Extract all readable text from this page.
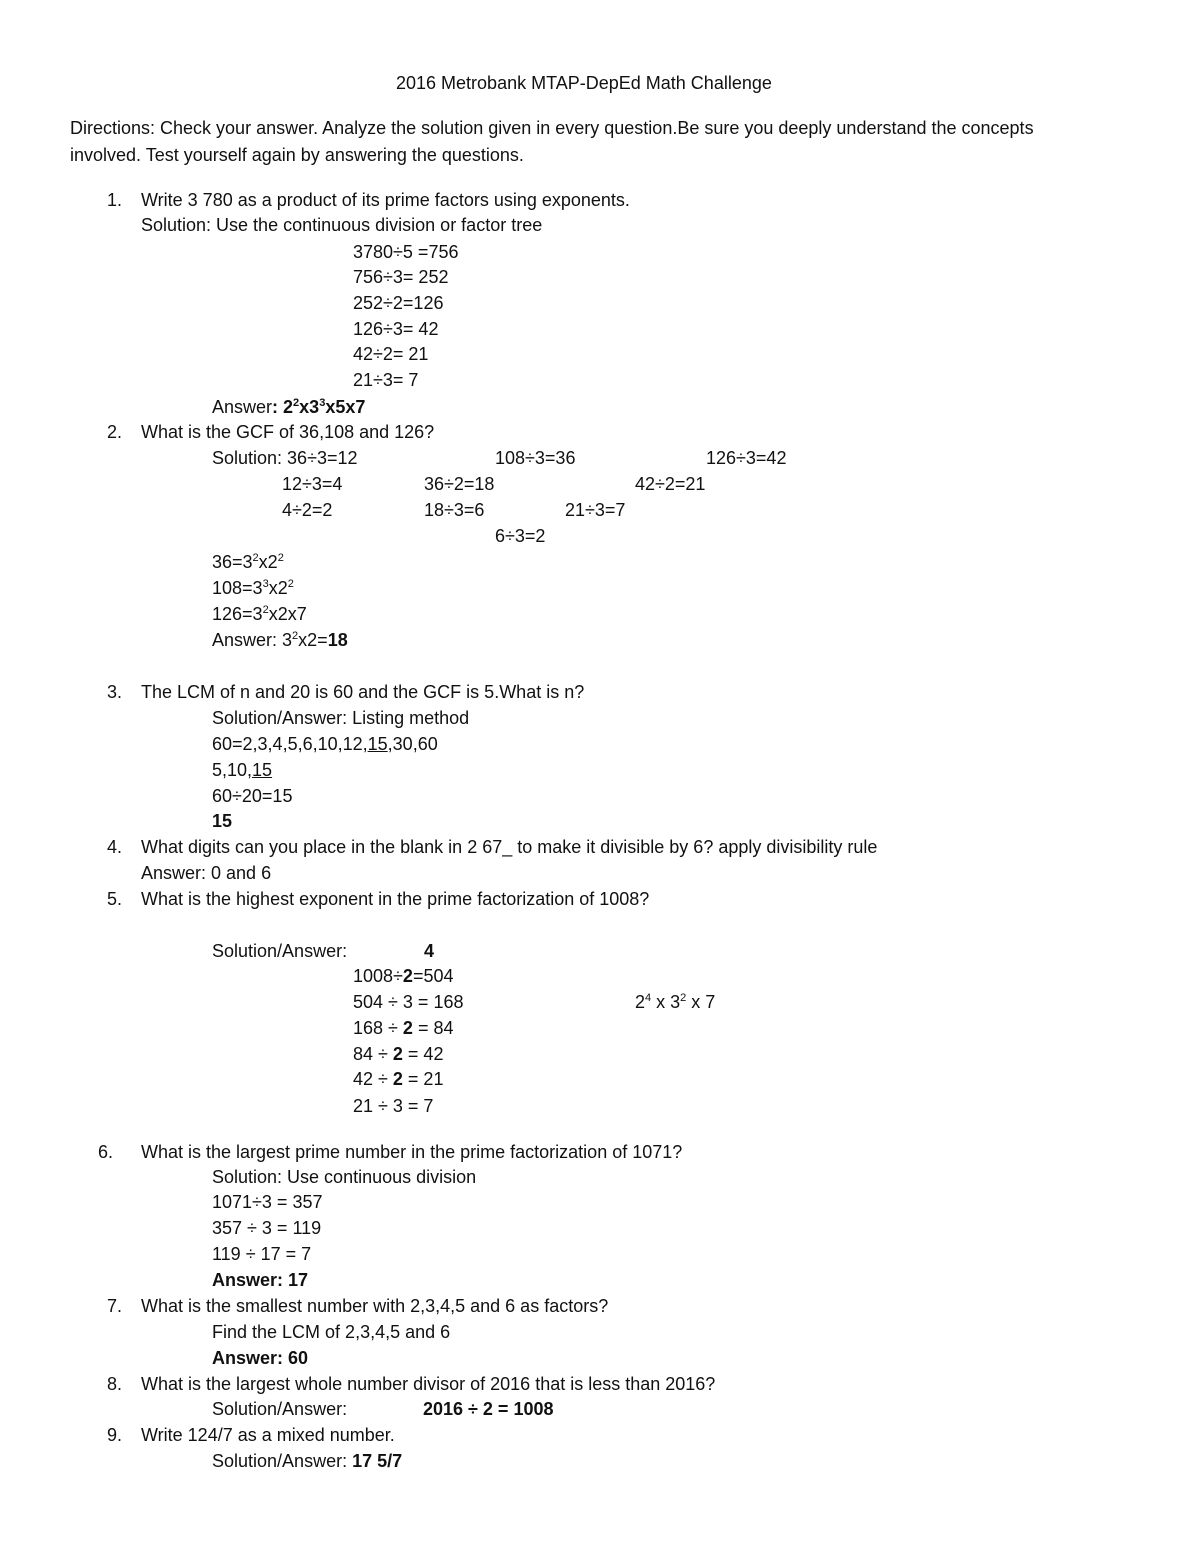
2016 Metrobank MTAP-DepEd Math Challenge
Directions: Check your answer. Analyze the solution given in every question.Be sure you deeply understand the concepts
involved. Test yourself again by answering the questions.
1. Write 3 780 as a product of its prime factors using exponents.
Solution: Use the continuous division or factor tree
3780÷5 =756
756÷3= 252
252÷2=126
126÷3= 42
42÷2= 21
21÷3= 7
Answer: $2^2x3^3x5x7$
2. What is the GCF of 36,108 and 126?
Solution: 36÷3=12	108÷3=36	126÷3=42
12÷3=4	36÷2=18	42÷2=21
4÷2=2	18÷3=6	21÷3=7
6÷3=2
$36=3^2x2^2$
$108=3^3x2^2$
$126=3^2x2x7$
Answer: $3^2x2=18$
3. The LCM of n and 20 is 60 and the GCF is 5.What is n?
Solution/Answer: Listing method
60=2,3,4,5,6,10,12,15,30,60
5,10,15
60÷20=15
15
4. What digits can you place in the blank in 2 67_ to make it divisible by 6? apply divisibility rule
Answer: 0 and 6
5. What is the highest exponent in the prime factorization of 1008?
Solution/Answer:	4
1008÷2=504
504 ÷ 3 = 168	$2^4$ x $3^2$ x 7
168 ÷ 2 = 84
84 ÷ 2 = 42
42 ÷ 2 = 21
21 ÷ 3 = 7
6. What is the largest prime number in the prime factorization of 1071?
Solution: Use continuous division
1071÷3 = 357
357 ÷ 3 = 119
119 ÷ 17 = 7
Answer: 17
7. What is the smallest number with 2,3,4,5 and 6 as factors?
Find the LCM of 2,3,4,5 and 6
Answer: 60
8. What is the largest whole number divisor of 2016 that is less than 2016?
Solution/Answer:	2016 ÷ 2 = 1008
9. Write 124/7 as a mixed number.
Solution/Answer: 17 5/7
